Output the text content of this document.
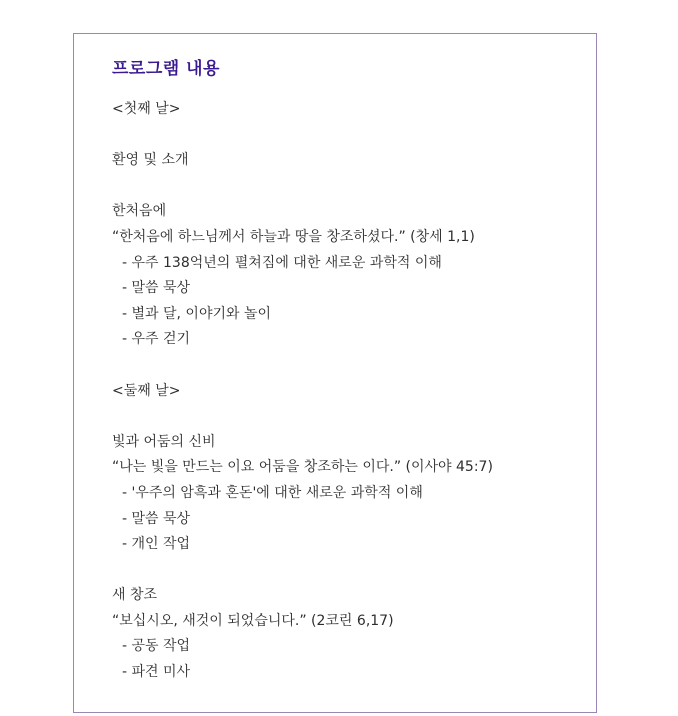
프로그램 내용
<첫째 날>
환영 및 소개
한처음에
“한처음에 하느님께서 하늘과 땅을 창조하셨다.” (창세 1,1)
- 우주 138억년의 펼쳐짐에 대한 새로운 과학적 이해
- 말씀 묵상
- 별과 달, 이야기와 놀이
- 우주 걷기
<둘째 날>
빛과 어둠의 신비
“나는 빛을 만드는 이요 어둠을 창조하는 이다.” (이사야 45:7)
- '우주의 암흑과 혼돈'에 대한 새로운 과학적 이해
- 말씀 묵상
- 개인 작업
새 창조
“보십시오, 새것이 되었습니다.” (2코린 6,17)
- 공동 작업
- 파견 미사
